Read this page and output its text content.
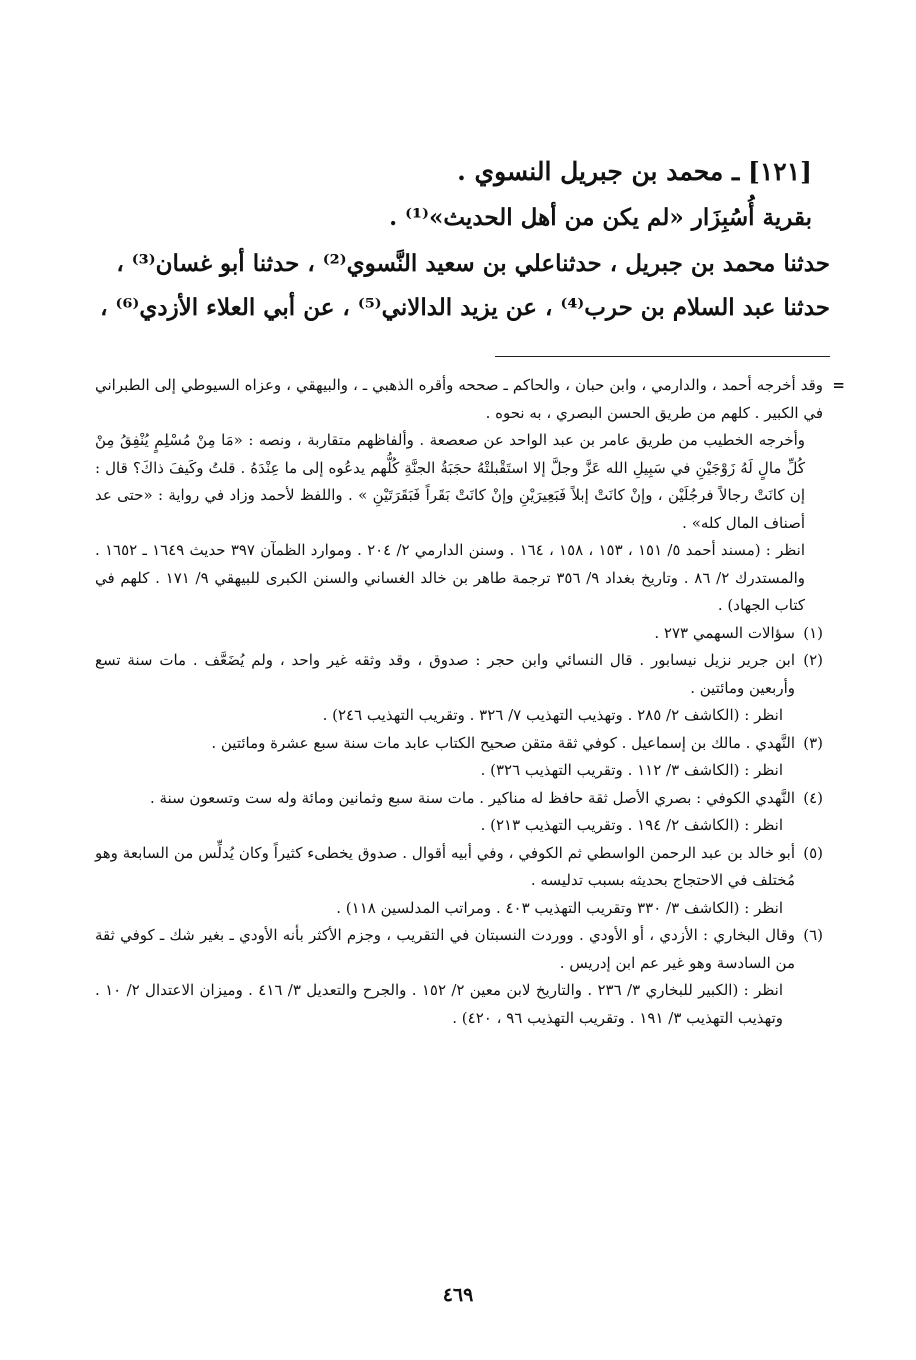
[١٢١] ـ محمد بن جبريل النسوي .

بقرية أُسُبِزَار «لم يكن من أهل الحديث»⁽¹⁾ .

حدثنا محمد بن جبريل ، حدثناعلي بن سعيد النَّسوي⁽²⁾ ، حدثنا أبو غسان⁽³⁾ ،

حدثنا عبد السلام بن حرب⁽⁴⁾ ، عن يزيد الدالاني⁽⁵⁾ ، عن أبي العلاء الأزدي⁽⁶⁾ ،

=
وقد أخرجه أحمد ، والدارمي ، وابن حبان ، والحاكم ـ صححه وأقره الذهبي ـ ، والبيهقي ، وعزاه السيوطي إلى الطبراني في الكبير . كلهم من طريق الحسن البصري ، به نحوه .

وأخرجه الخطيب من طريق عامر بن عبد الواحد عن صعصعة . وألفاظهم متقاربة ، ونصه : «مَا مِنْ مُسْلِمٍ يُنْفِقُ مِنْ كُلِّ مالٍ لَهُ زَوْجَيْنِ في سَبِيلِ الله عَزَّ وجلَّ إلا استَقْبلتْهُ حجَبَةُ الجنَّةِ كُلُّهم يدعُوه إلى ما عِنْدَهُ . قلتُ وكَيفَ ذاكَ؟ قال : إن كانَتْ رجالاً فرجُلَيْن ، وإنْ كانَتْ إبلاً فَبَعِيرَيْنِ وإنْ كانَتْ بَقَراً فَبَقَرَتَيْنِ » . واللفظ لأحمد وزاد في رواية : «حتى عد أصناف المال كله» .

انظر : (مسند أحمد ٥/ ١٥١ ، ١٥٣ ، ١٥٨ ، ١٦٤ . وسنن الدارمي ٢/ ٢٠٤ . وموارد الظمآن ٣٩٧ حديث ١٦٤٩ ـ ١٦٥٢ . والمستدرك ٢/ ٨٦ . وتاريخ بغداد ٩/ ٣٥٦ ترجمة طاهر بن خالد الغساني والسنن الكبرى للبيهقي ٩/ ١٧١ . كلهم في كتاب الجهاد) .

(١)
سؤالات السهمي ٢٧٣ .

(٢)
ابن جرير نزيل نيسابور . قال النسائي وابن حجر : صدوق ، وقد وثقه غير واحد ، ولم يُضَعَّف . مات سنة تسع وأربعين ومائتين .

انظر : (الكاشف ٢/ ٢٨٥ . وتهذيب التهذيب ٧/ ٣٢٦ . وتقريب التهذيب ٢٤٦) .

(٣)
النَّهدي . مالك بن إسماعيل . كوفي ثقة متقن صحيح الكتاب عابد مات سنة سبع عشرة ومائتين .

انظر : (الكاشف ٣/ ١١٢ . وتقريب التهذيب ٣٢٦) .

(٤)
النَّهدي الكوفي : بصري الأصل ثقة حافظ له مناكير . مات سنة سبع وثمانين ومائة وله ست وتسعون سنة .

انظر : (الكاشف ٢/ ١٩٤ . وتقريب التهذيب ٢١٣) .

(٥)
أبو خالد بن عبد الرحمن الواسطي ثم الكوفي ، وفي أبيه أقوال . صدوق يخطىء كثيراً وكان يُدلِّس من السابعة وهو مُختلف في الاحتجاج بحديثه بسبب تدليسه .

انظر : (الكاشف ٣/ ٣٣٠ وتقريب التهذيب ٤٠٣ . ومراتب المدلسين ١١٨) .

(٦)
وقال البخاري : الأزدي ، أو الأودي . ووردت النسبتان في التقريب ، وجزم الأكثر بأنه الأودي ـ بغير شك ـ كوفي ثقة من السادسة وهو غير عم ابن إدريس .

انظر : (الكبير للبخاري ٣/ ٢٣٦ . والتاريخ لابن معين ٢/ ١٥٢ . والجرح والتعديل ٣/ ٤١٦ . وميزان الاعتدال ٢/ ١٠ . وتهذيب التهذيب ٣/ ١٩١ . وتقريب التهذيب ٩٦ ، ٤٢٠) .

٤٦٩
